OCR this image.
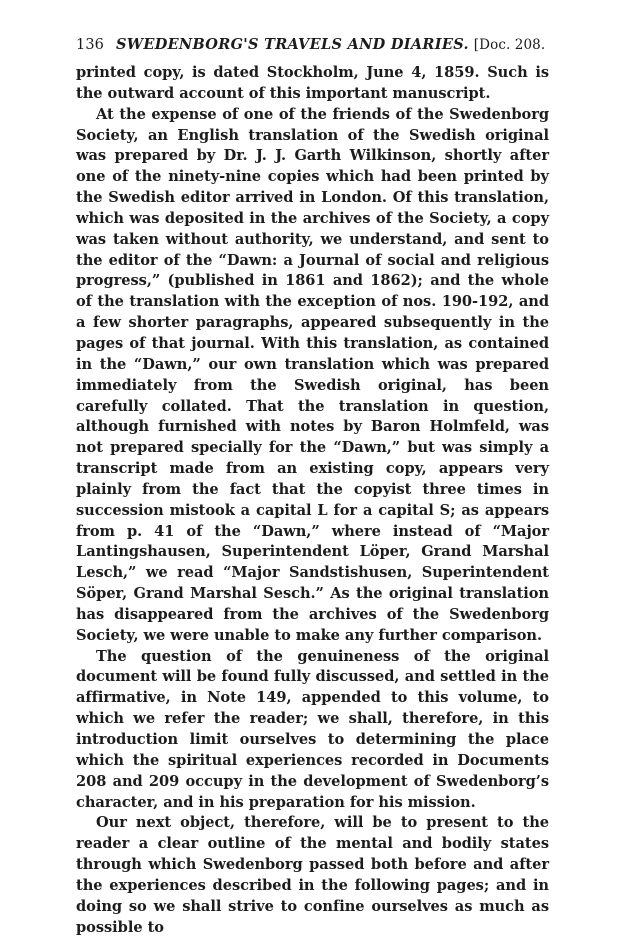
136 SWEDENBORG'S TRAVELS AND DIARIES. [Doc. 208.

printed copy, is dated Stockholm, June 4, 1859. Such is the outward account of this important manuscript.

At the expense of one of the friends of the Swedenborg Society, an English translation of the Swedish original was prepared by Dr. J. J. Garth Wilkinson, shortly after one of the ninety-nine copies which had been printed by the Swedish editor arrived in London. Of this translation, which was deposited in the archives of the Society, a copy was taken without authority, we understand, and sent to the editor of the “Dawn: a Journal of social and religious progress,” (published in 1861 and 1862); and the whole of the translation with the exception of nos. 190-192, and a few shorter paragraphs, appeared subsequently in the pages of that journal. With this translation, as contained in the “Dawn,” our own translation which was prepared immediately from the Swedish original, has been carefully collated. That the translation in question, although furnished with notes by Baron Holmfeld, was not prepared specially for the “Dawn,” but was simply a transcript made from an existing copy, appears very plainly from the fact that the copyist three times in succession mistook a capital L for a capital S; as appears from p. 41 of the “Dawn,” where instead of “Major Lantingshausen, Superintendent Löper, Grand Marshal Lesch,” we read “Major Sandstishusen, Superintendent Söper, Grand Marshal Sesch.” As the original translation has disappeared from the archives of the Swedenborg Society, we were unable to make any further comparison.

The question of the genuineness of the original document will be found fully discussed, and settled in the affirmative, in Note 149, appended to this volume, to which we refer the reader; we shall, therefore, in this introduction limit ourselves to determining the place which the spiritual experiences recorded in Documents 208 and 209 occupy in the development of Swedenborg’s character, and in his preparation for his mission.

Our next object, therefore, will be to present to the reader a clear outline of the mental and bodily states through which Swedenborg passed both before and after the experiences described in the following pages; and in doing so we shall strive to confine ourselves as much as possible to
